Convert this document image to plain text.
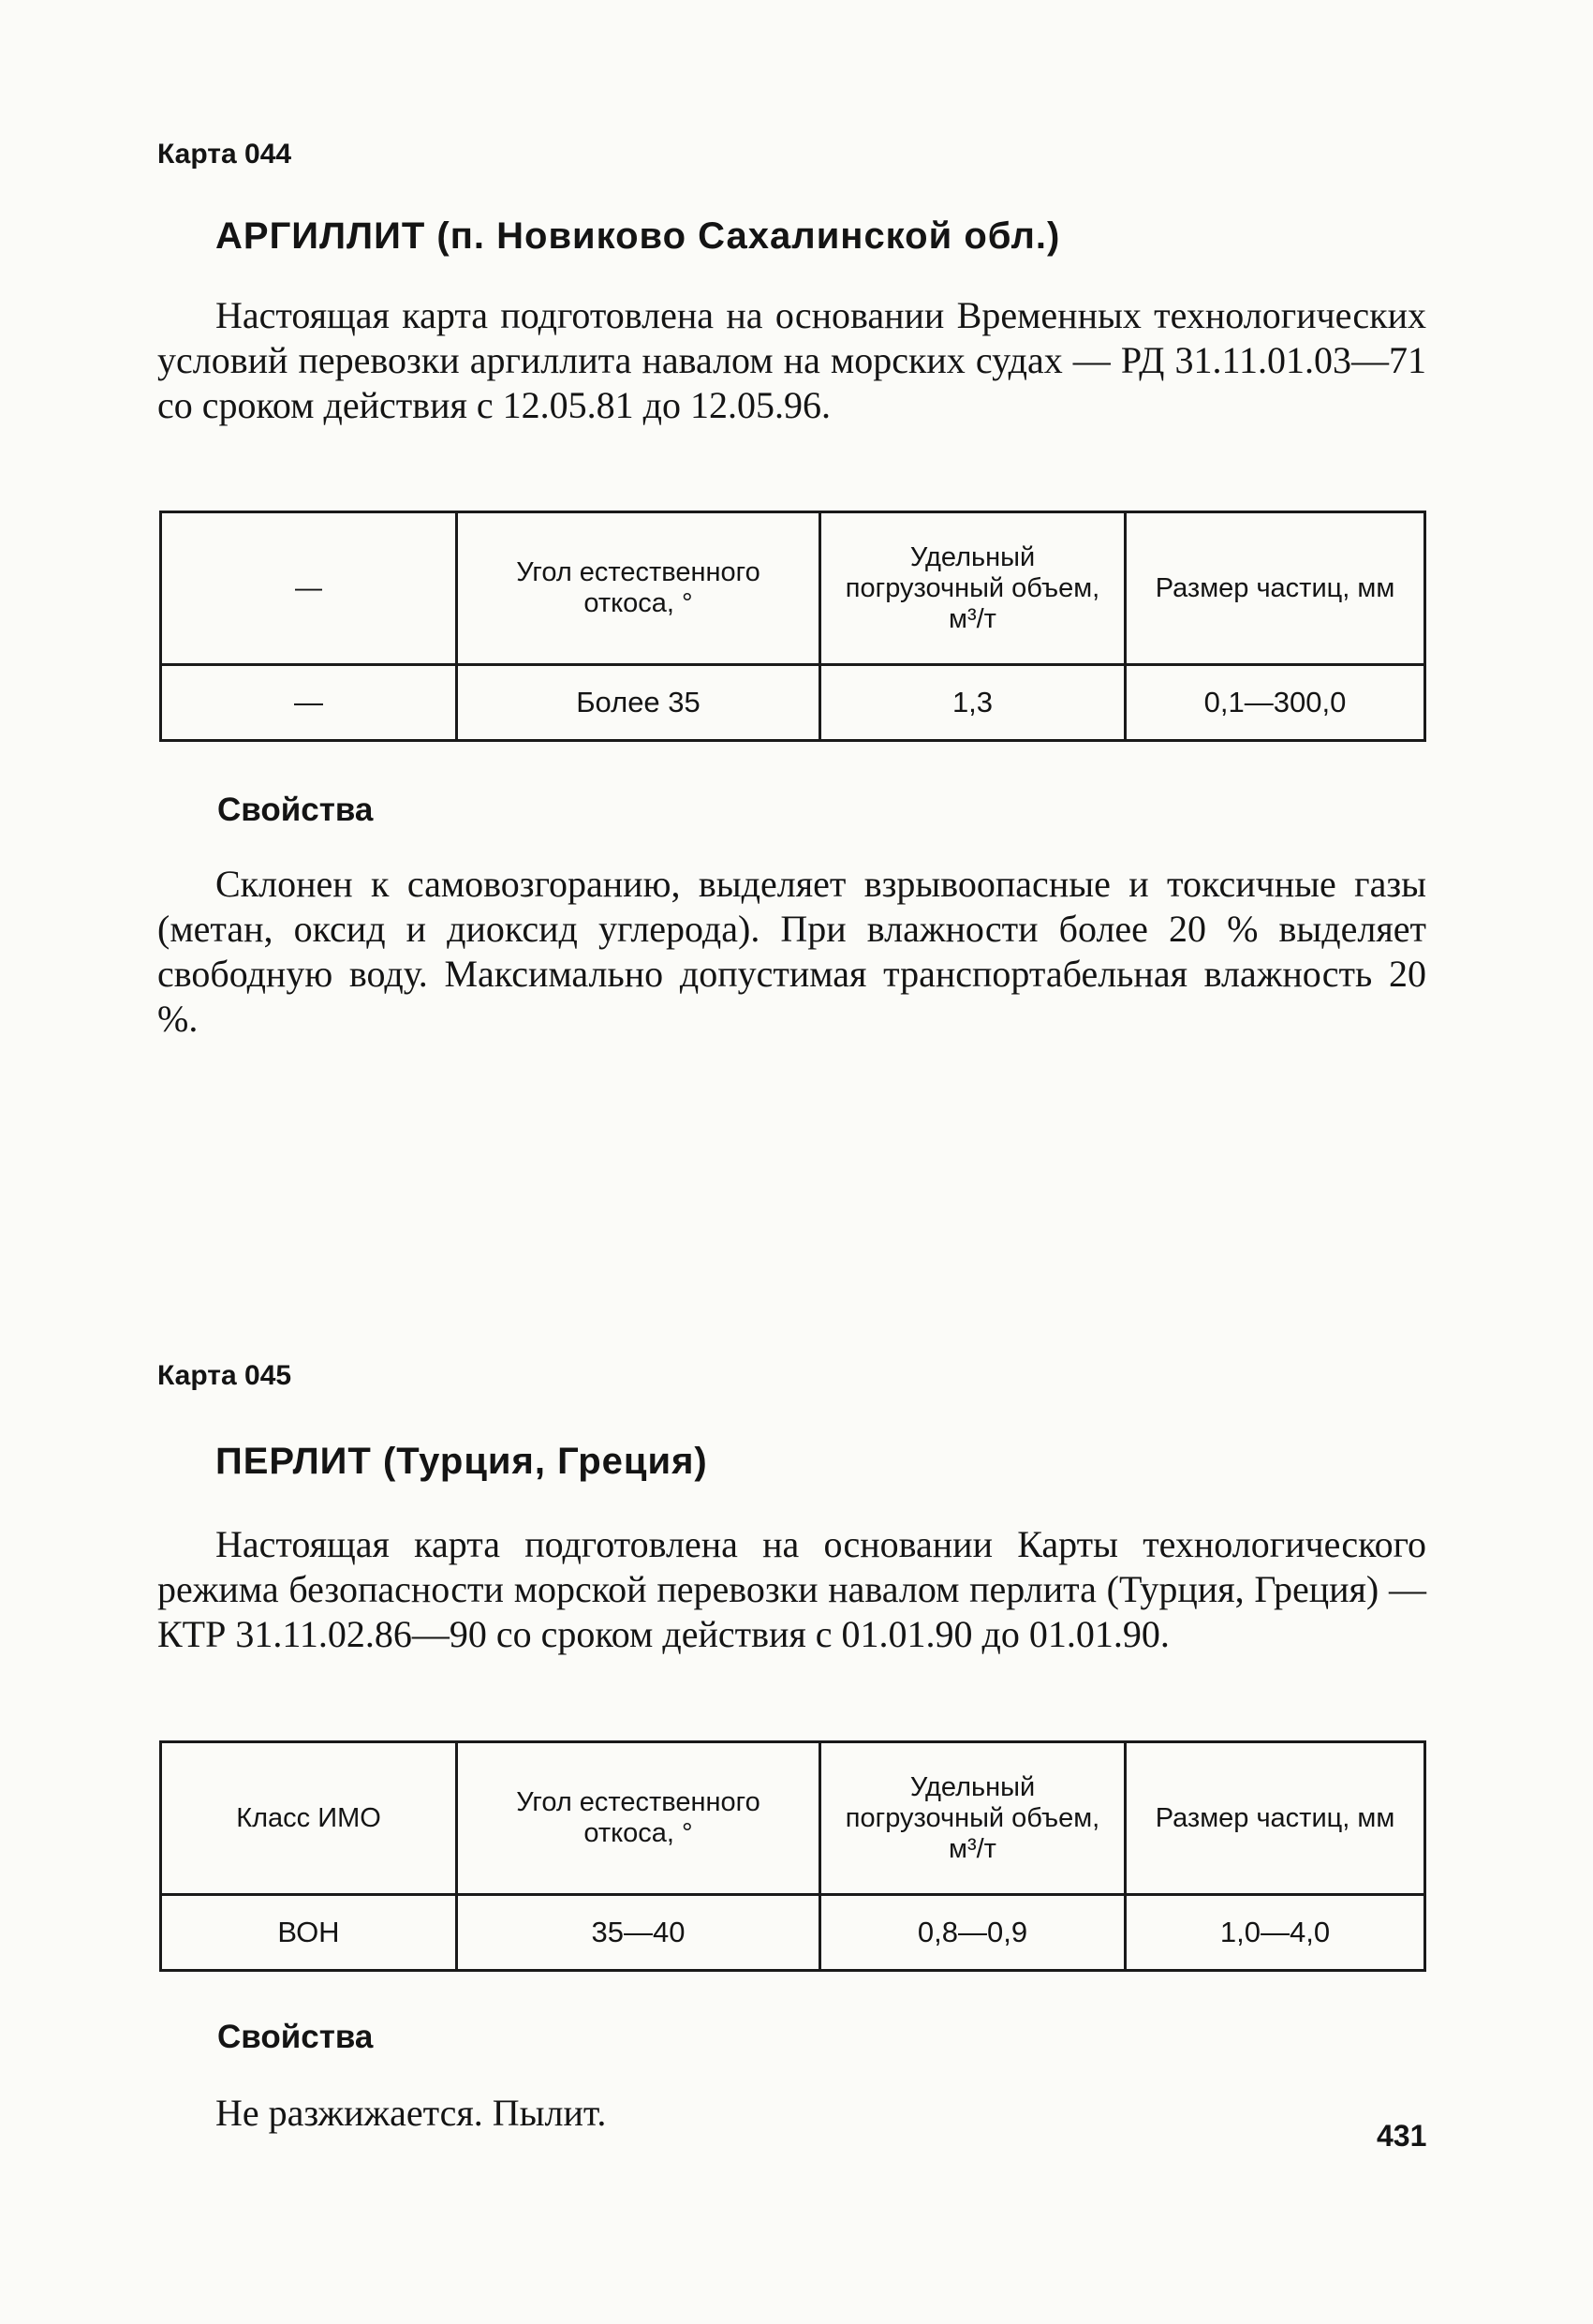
Карта 044
АРГИЛЛИТ (п. Новиково Сахалинской обл.)

Настоящая карта подготовлена на основании Временных технологических условий перевозки аргиллита навалом на морских судах — РД 31.11.01.03—71 со сроком действия с 12.05.81 до 12.05.96.

—	Угол естественного откоса, °	Удельный погрузочный объем, м³/т	Размер частиц, мм
—	Более 35	1,3	0,1—300,0
Свойства

Склонен к самовозгоранию, выделяет взрывоопасные и токсичные газы (метан, оксид и диоксид углерода). При влажности более 20 % выделяет свободную воду. Максимально допустимая транспортабельная влажность 20 %.

Карта 045
ПЕРЛИТ (Турция, Греция)

Настоящая карта подготовлена на основании Карты технологического режима безопасности морской перевозки навалом перлита (Турция, Греция) — КТР 31.11.02.86—90 со сроком действия с 01.01.90 до 01.01.90.

Класс ИМО	Угол естественного откоса, °	Удельный погрузочный объем, м³/т	Размер частиц, мм
ВОН	35—40	0,8—0,9	1,0—4,0
Свойства

Не разжижается. Пылит.

431
